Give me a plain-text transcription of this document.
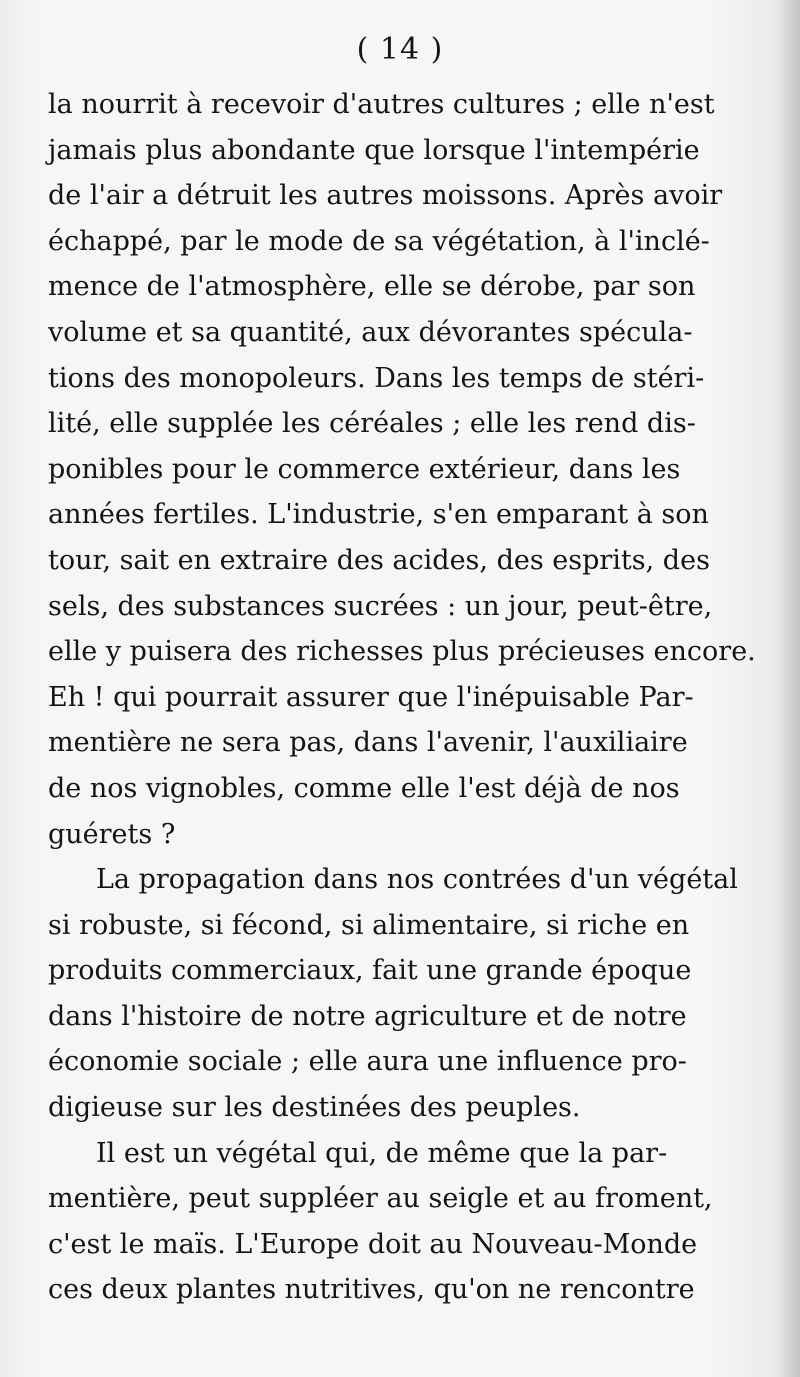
( 14 )
la nourrit à recevoir d'autres cultures ; elle n'est
jamais plus abondante que lorsque l'intempérie
de l'air a détruit les autres moissons. Après avoir
échappé, par le mode de sa végétation, à l'inclé-
mence de l'atmosphère, elle se dérobe, par son
volume et sa quantité, aux dévorantes spécula-
tions des monopoleurs. Dans les temps de stéri-
lité, elle supplée les céréales ; elle les rend dis-
ponibles pour le commerce extérieur, dans les
années fertiles. L'industrie, s'en emparant à son
tour, sait en extraire des acides, des esprits, des
sels, des substances sucrées : un jour, peut-être,
elle y puisera des richesses plus précieuses encore.
Eh ! qui pourrait assurer que l'inépuisable Par-
mentière ne sera pas, dans l'avenir, l'auxiliaire
de nos vignobles, comme elle l'est déjà de nos
guérets ?
La propagation dans nos contrées d'un végétal
si robuste, si fécond, si alimentaire, si riche en
produits commerciaux, fait une grande époque
dans l'histoire de notre agriculture et de notre
économie sociale ; elle aura une influence pro-
digieuse sur les destinées des peuples.
Il est un végétal qui, de même que la par-
mentière, peut suppléer au seigle et au froment,
c'est le maïs. L'Europe doit au Nouveau-Monde
ces deux plantes nutritives, qu'on ne rencontre
